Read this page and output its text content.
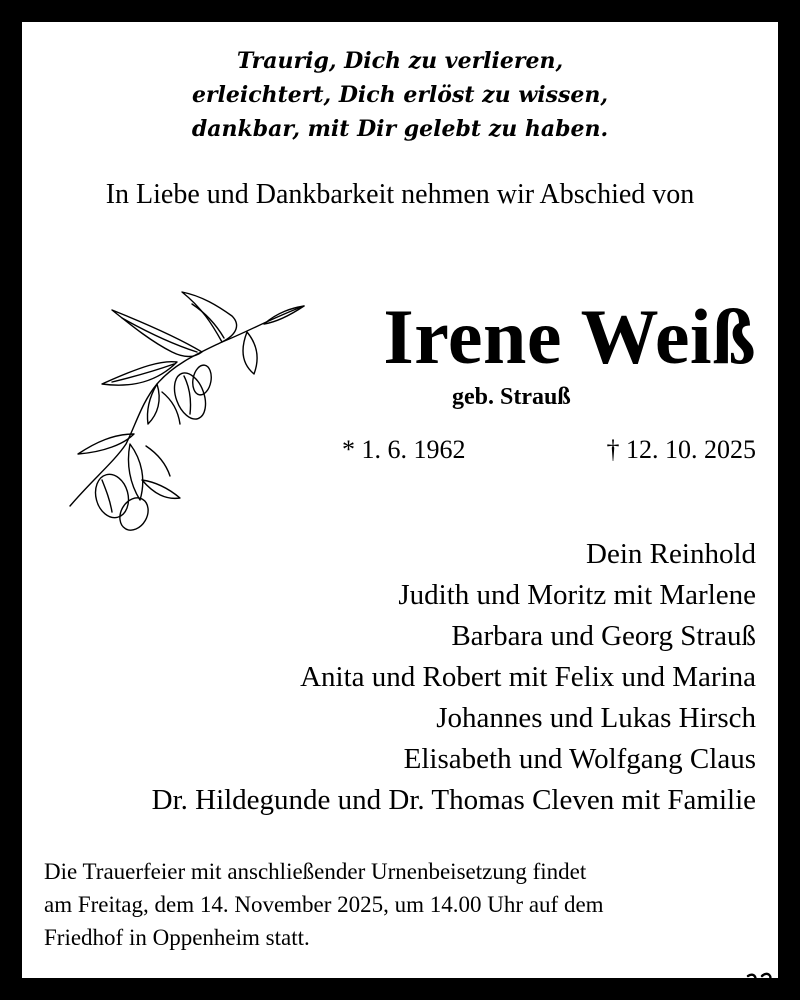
Traurig, Dich zu verlieren,
erleichtert, Dich erlöst zu wissen,
dankbar, mit Dir gelebt zu haben.
In Liebe und Dankbarkeit nehmen wir Abschied von
Irene Weiß
geb. Strauß
* 1. 6. 1962	† 12. 10. 2025
Dein Reinhold
Judith und Moritz mit Marlene
Barbara und Georg Strauß
Anita und Robert mit Felix und Marina
Johannes und Lukas Hirsch
Elisabeth und Wolfgang Claus
Dr. Hildegunde und Dr. Thomas Cleven mit Familie
Die Trauerfeier mit anschließender Urnenbeisetzung findet
am Freitag, dem 14. November 2025, um 14.00 Uhr auf dem
Friedhof in Oppenheim statt.
